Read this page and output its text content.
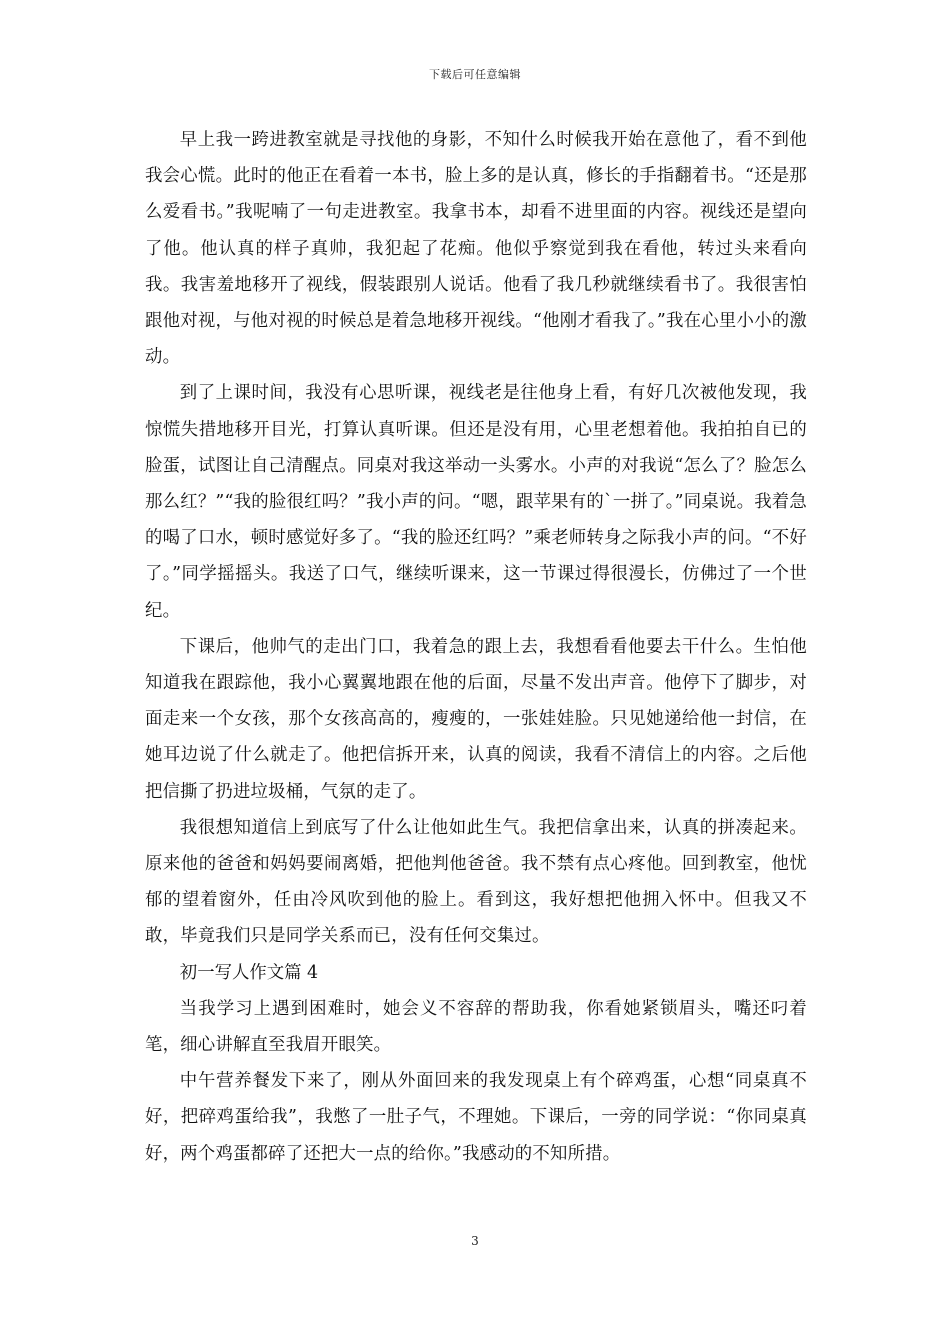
下载后可任意编辑

早上我一跨进教室就是寻找他的身影，不知什么时候我开始在意他了，看不到他我会心慌。此时的他正在看着一本书，脸上多的是认真，修长的手指翻着书。“还是那么爱看书。”我呢喃了一句走进教室。我拿书本，却看不进里面的内容。视线还是望向了他。他认真的样子真帅，我犯起了花痴。他似乎察觉到我在看他，转过头来看向我。我害羞地移开了视线，假装跟别人说话。他看了我几秒就继续看书了。我很害怕跟他对视，与他对视的时候总是着急地移开视线。“他刚才看我了。”我在心里小小的激动。

到了上课时间，我没有心思听课，视线老是往他身上看，有好几次被他发现，我惊慌失措地移开目光，打算认真听课。但还是没有用，心里老想着他。我拍拍自已的脸蛋，试图让自己清醒点。同桌对我这举动一头雾水。小声的对我说“怎么了？脸怎么那么红？”“我的脸很红吗？”我小声的问。“嗯，跟苹果有的`一拼了。”同桌说。我着急的喝了口水，顿时感觉好多了。“我的脸还红吗？”乘老师转身之际我小声的问。“不好了。”同学摇摇头。我送了口气，继续听课来，这一节课过得很漫长，仿佛过了一个世纪。

下课后，他帅气的走出门口，我着急的跟上去，我想看看他要去干什么。生怕他知道我在跟踪他，我小心翼翼地跟在他的后面，尽量不发出声音。他停下了脚步，对面走来一个女孩，那个女孩高高的，瘦瘦的，一张娃娃脸。只见她递给他一封信，在她耳边说了什么就走了。他把信拆开来，认真的阅读，我看不清信上的内容。之后他把信撕了扔进垃圾桶，气氛的走了。

我很想知道信上到底写了什么让他如此生气。我把信拿出来，认真的拼凑起来。原来他的爸爸和妈妈要闹离婚，把他判他爸爸。我不禁有点心疼他。回到教室，他忧郁的望着窗外，任由冷风吹到他的脸上。看到这，我好想把他拥入怀中。但我又不敢，毕竟我们只是同学关系而已，没有任何交集过。

初一写人作文篇 4

当我学习上遇到困难时，她会义不容辞的帮助我，你看她紧锁眉头，嘴还叼着笔，细心讲解直至我眉开眼笑。

中午营养餐发下来了，刚从外面回来的我发现桌上有个碎鸡蛋，心想“同桌真不好，把碎鸡蛋给我”，我憋了一肚子气，不理她。下课后，一旁的同学说：“你同桌真好，两个鸡蛋都碎了还把大一点的给你。”我感动的不知所措。

3
